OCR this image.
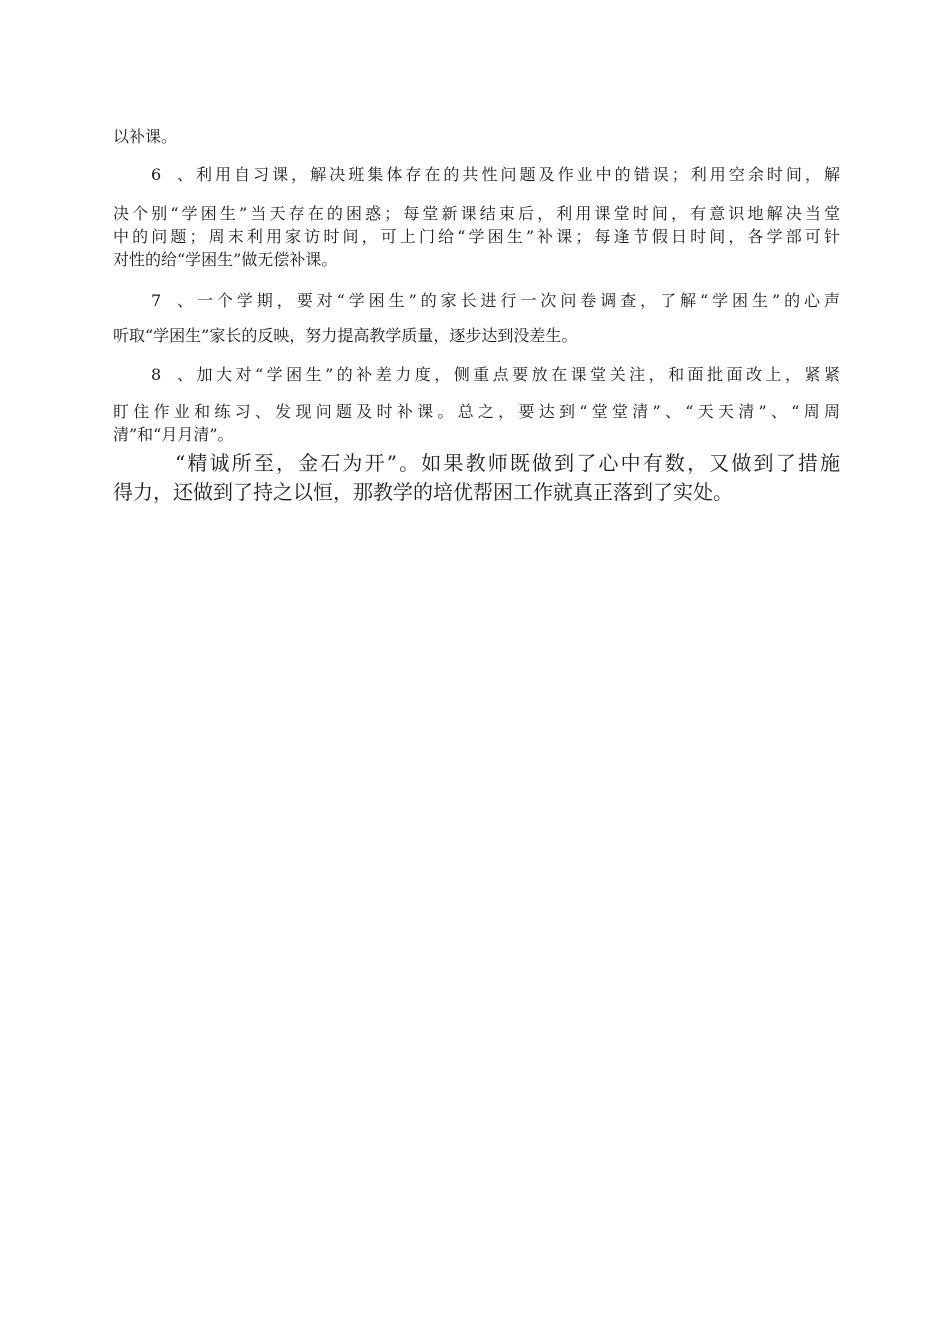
以补课。
6、利用自习课，解决班集体存在的共性问题及作业中的错误；利用空余时间，解
决个别“学困生”当天存在的困惑；每堂新课结束后，利用课堂时间，有意识地解决当堂
中的问题；周末利用家访时间，可上门给“学困生”补课；每逢节假日时间，各学部可针
对性的给“学困生”做无偿补课。
7、一个学期，要对“学困生”的家长进行一次问卷调查，了解“学困生”的心声
听取“学困生”家长的反映，努力提高教学质量，逐步达到没差生。
8、加大对“学困生”的补差力度，侧重点要放在课堂关注，和面批面改上，紧紧
盯住作业和练习、发现问题及时补课。总之，要达到“堂堂清”、“天天清”、“周周
清”和“月月清”。
“精诚所至，金石为开”。如果教师既做到了心中有数，又做到了措施
得力，还做到了持之以恒，那教学的培优帮困工作就真正落到了实处。
